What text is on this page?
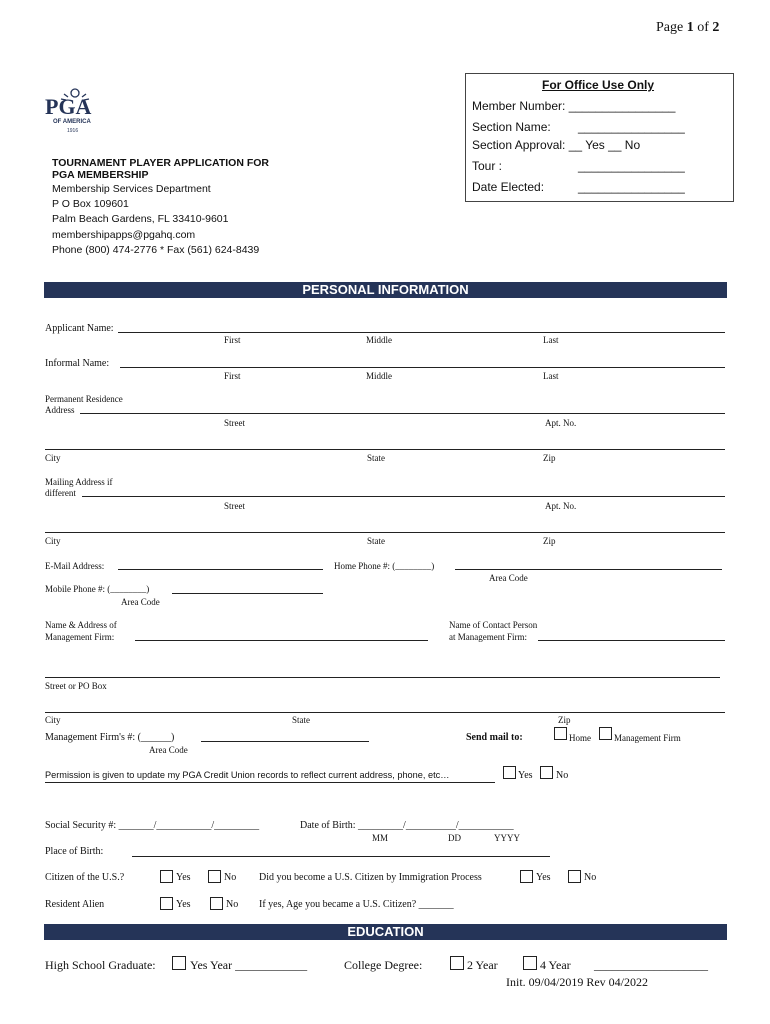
Page 1 of 2
PGA
OF AMERICA
1916
TOURNAMENT PLAYER APPLICATION FOR
PGA MEMBERSHIP
Membership Services Department
P O Box 109601
Palm Beach Gardens, FL 33410-9601
membershipapps@pgahq.com
Phone (800) 474-2776 * Fax (561) 624-8439
For Office Use Only
Member Number: ________________
Section Name: ________________
Section Approval: __ Yes __ No
Tour :	________________
Date Elected:	________________
PERSONAL INFORMATION
Applicant Name:
First	Middle	Last
Informal Name:
First	Middle	Last
Permanent Residence
Address
Street	Apt. No.
City	State	Zip
Mailing Address if
different
Street	Apt. No.
City	State	Zip
E-Mail Address:	Home Phone #: (________)
Area Code
Mobile Phone #: (________)
Area Code
Name & Address of
Management Firm:
Name of Contact Person
at Management Firm:
Street or PO Box
City	State	Zip
Management Firm's #: (______)
Area Code
Send mail to:	Home	Management Firm
Permission is given to update my PGA Credit Union records to reflect current address, phone, etc…	Yes No
Social Security #: _______/___________/_________	Date of Birth: _________/__________/___________
MM	DD	YYYY
Place of Birth:
Citizen of the U.S.?	Yes	No Did you become a U.S. Citizen by Immigration Process	Yes	No
Resident Alien	Yes	No If yes, Age you became a U.S. Citizen? _______
EDUCATION
High School Graduate:	Yes Year ____________	College Degree:	2 Year	4 Year ___________________
Init. 09/04/2019 Rev 04/2022
